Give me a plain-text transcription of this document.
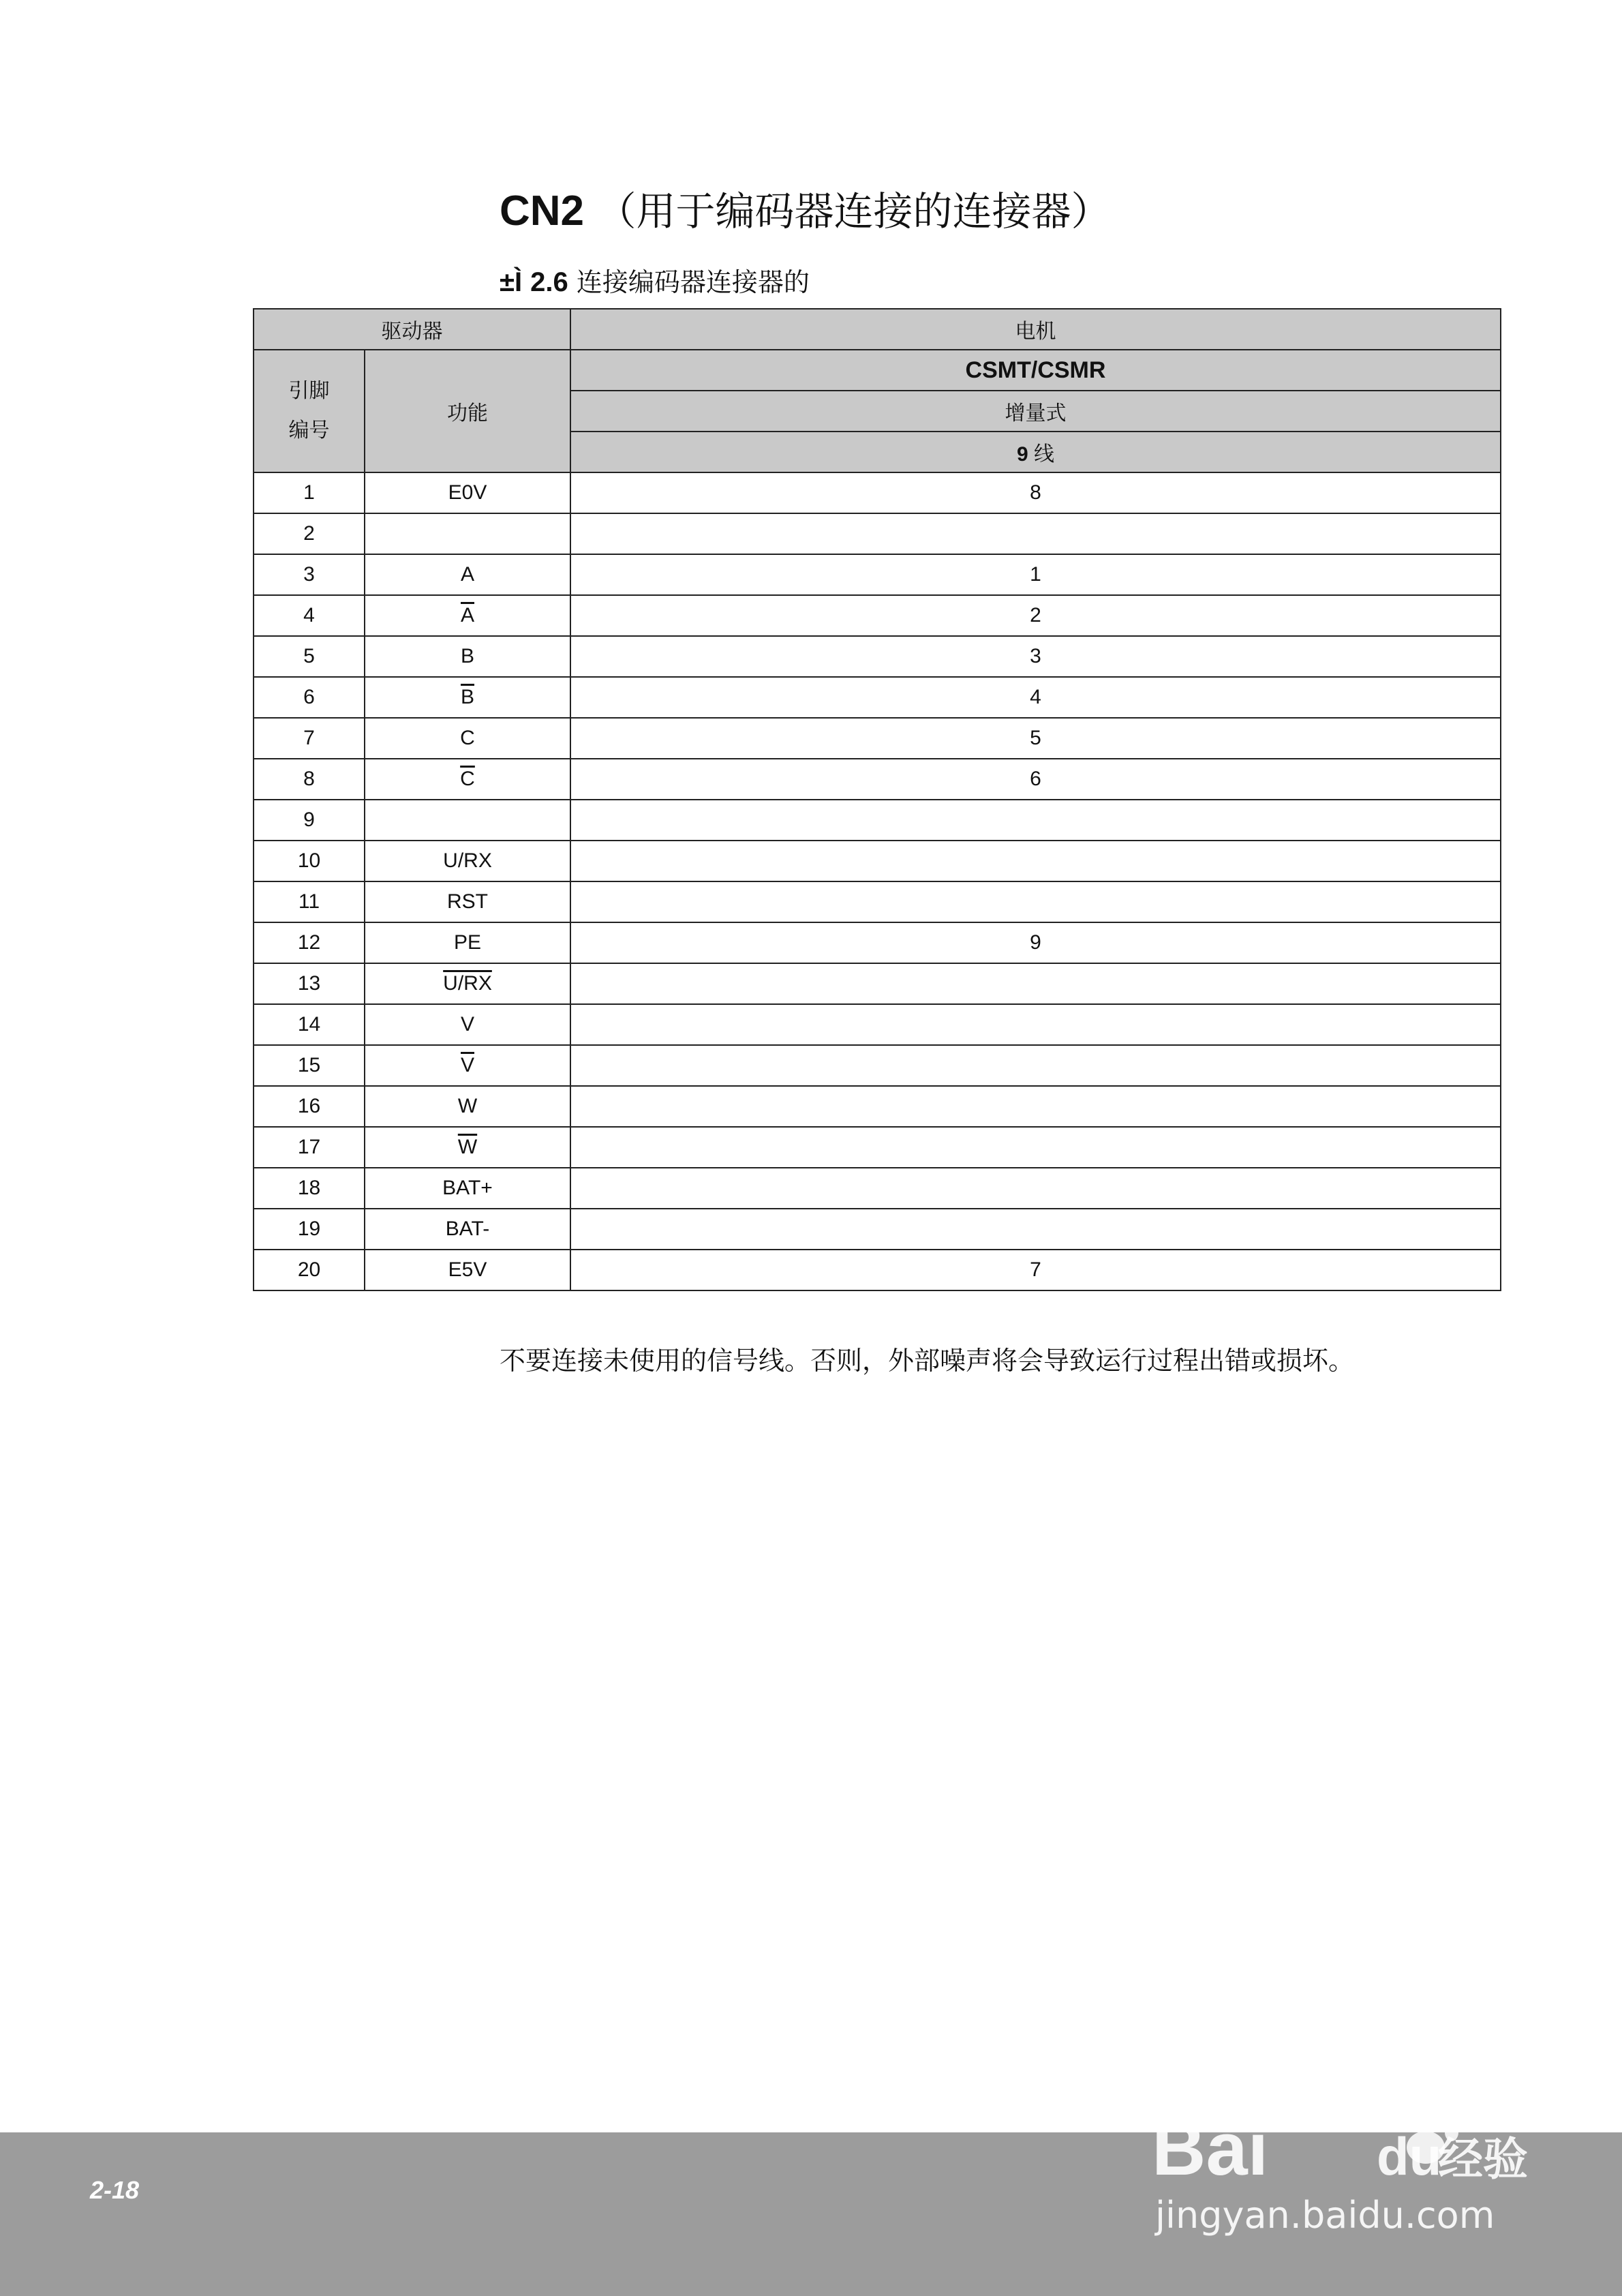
CN2 （用于编码器连接的连接器）
±Ì 2.6 连接编码器连接器的
驱动器		电机

引脚
编号	功能	CSMT/CSMR
		增量式
		9 线
1	E0V	8
2		
3	A	1
4	$\overline{A}$	2
5	B	3
6	$\overline{B}$	4
7	C	5
8	$\overline{C}$	6
9		
10	U/RX	
11	RST	
12	PE	9
13	U/RX	
14	V	
15	$\overline{V}$	
16	W	
17	$\overline{W}$	
18	BAT+	
19	BAT-	
20	E5V	7
不要连接未使用的信号线。否则，外部噪声将会导致运行过程出错或损坏。
2-18	Bai du
经验
jingyan.baidu.com
